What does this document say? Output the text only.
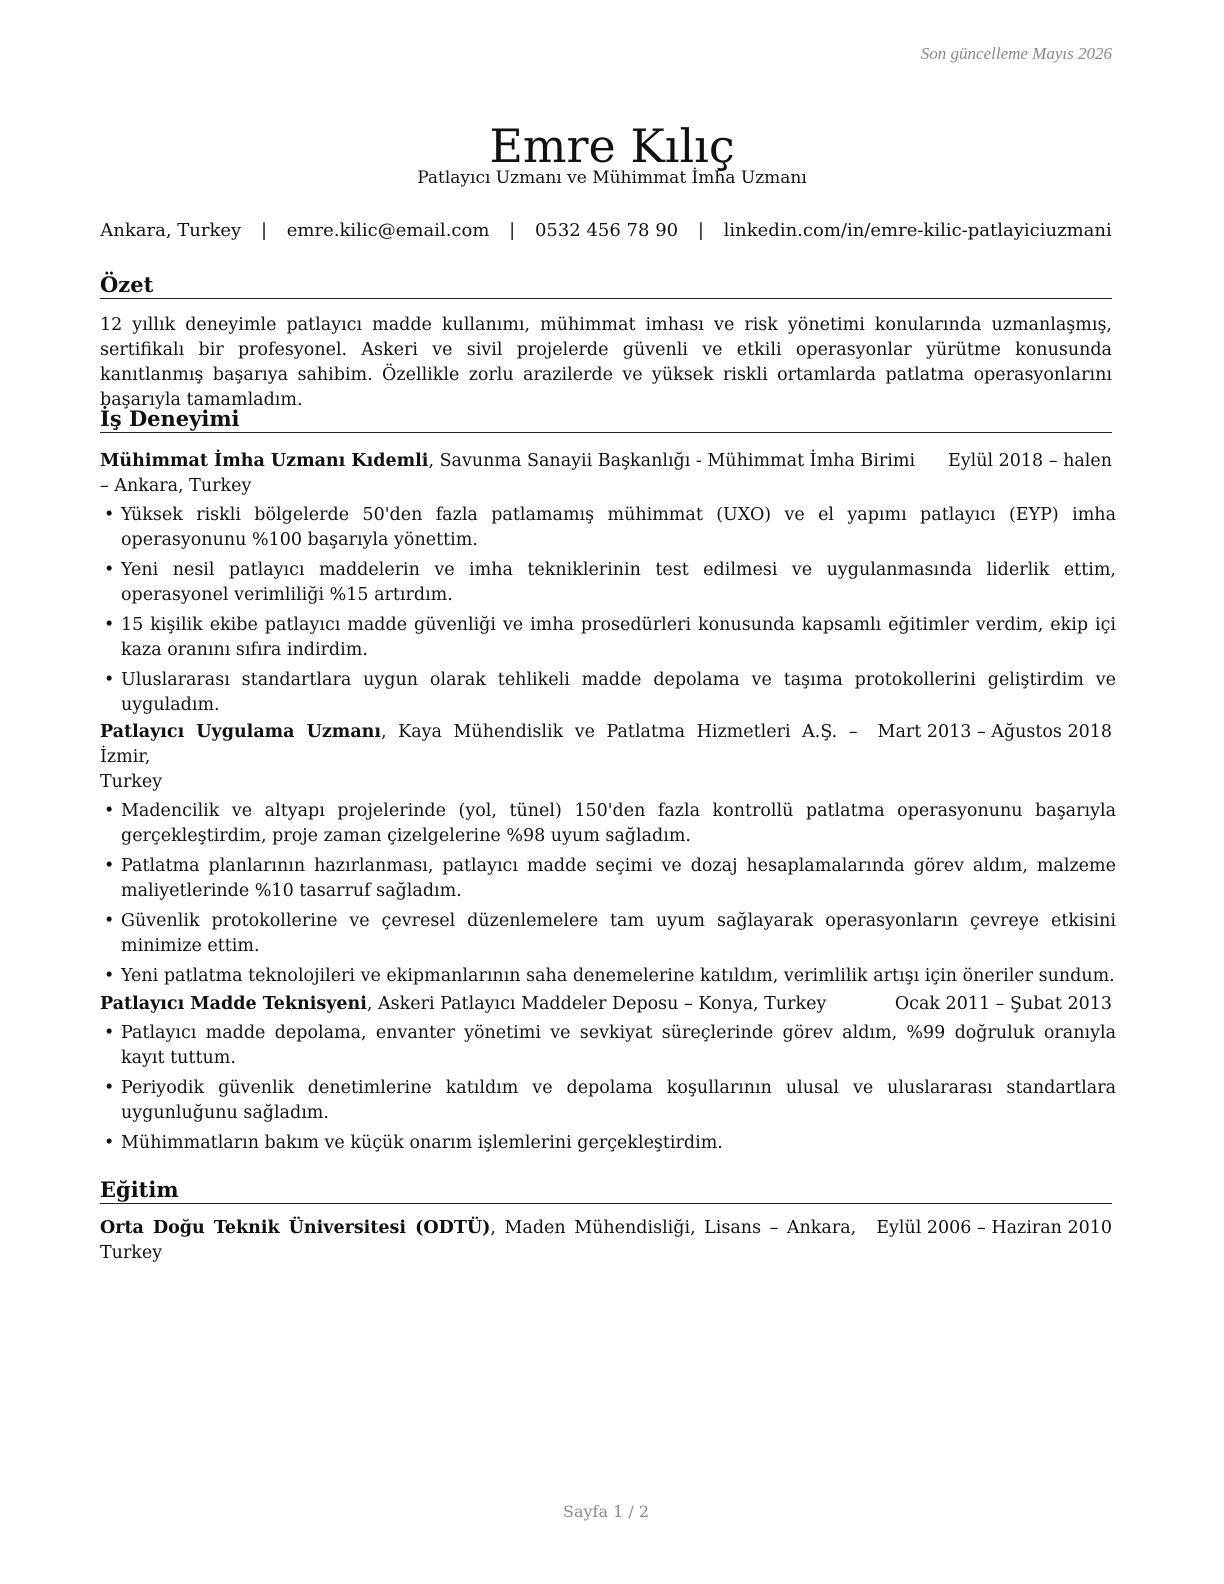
Son güncelleme Mayıs 2026
Emre Kılıç
Patlayıcı Uzmanı ve Mühimmat İmha Uzmanı
Ankara, Turkey | emre.kilic@email.com | 0532 456 78 90 | linkedin.com/in/emre-kilic-patlayiciuzmani
Özet

12 yıllık deneyimle patlayıcı madde kullanımı, mühimmat imhası ve risk yönetimi konularında uzmanlaşmış, sertifikalı bir profesyonel. Askeri ve sivil projelerde güvenli ve etkili operasyonlar yürütme konusunda kanıtlanmış başarıya sahibim. Özellikle zorlu arazilerde ve yüksek riskli ortamlarda patlatma operasyonlarını başarıyla tamamladım.

İş Deneyimi
Mühimmat İmha Uzmanı Kıdemli, Savunma Sanayii Başkanlığı - Mühimmat İmha Birimi	Eylül 2018 – halen
– Ankara, Turkey
• Yüksek riskli bölgelerde 50'den fazla patlamamış mühimmat (UXO) ve el yapımı patlayıcı (EYP) imha operasyonunu %100 başarıyla yönettim.
• Yeni nesil patlayıcı maddelerin ve imha tekniklerinin test edilmesi ve uygulanmasında liderlik ettim, operasyonel verimliliği %15 artırdım.
• 15 kişilik ekibe patlayıcı madde güvenliği ve imha prosedürleri konusunda kapsamlı eğitimler verdim, ekip içi kaza oranını sıfıra indirdim.
• Uluslararası standartlara uygun olarak tehlikeli madde depolama ve taşıma protokollerini geliştirdim ve uyguladım.
Patlayıcı Uygulama Uzmanı, Kaya Mühendislik ve Patlatma Hizmetleri A.Ş. – İzmir,
Mart 2013 – Ağustos 2018
Turkey
• Madencilik ve altyapı projelerinde (yol, tünel) 150'den fazla kontrollü patlatma operasyonunu başarıyla gerçekleştirdim, proje zaman çizelgelerine %98 uyum sağladım.
• Patlatma planlarının hazırlanması, patlayıcı madde seçimi ve dozaj hesaplamalarında görev aldım, malzeme maliyetlerinde %10 tasarruf sağladım.
• Güvenlik protokollerine ve çevresel düzenlemelere tam uyum sağlayarak operasyonların çevreye etkisini minimize ettim.
• Yeni patlatma teknolojileri ve ekipmanlarının saha denemelerine katıldım, verimlilik artışı için öneriler sundum.
Patlayıcı Madde Teknisyeni, Askeri Patlayıcı Maddeler Deposu – Konya, Turkey	Ocak 2011 – Şubat 2013
• Patlayıcı madde depolama, envanter yönetimi ve sevkiyat süreçlerinde görev aldım, %99 doğruluk oranıyla kayıt tuttum.
• Periyodik güvenlik denetimlerine katıldım ve depolama koşullarının ulusal ve uluslararası standartlara uygunluğunu sağladım.
• Mühimmatların bakım ve küçük onarım işlemlerini gerçekleştirdim.
Eğitim
Orta Doğu Teknik Üniversitesi (ODTÜ), Maden Mühendisliği, Lisans – Ankara, Turkey
Eylül 2006 – Haziran 2010
Sayfa 1 / 2
